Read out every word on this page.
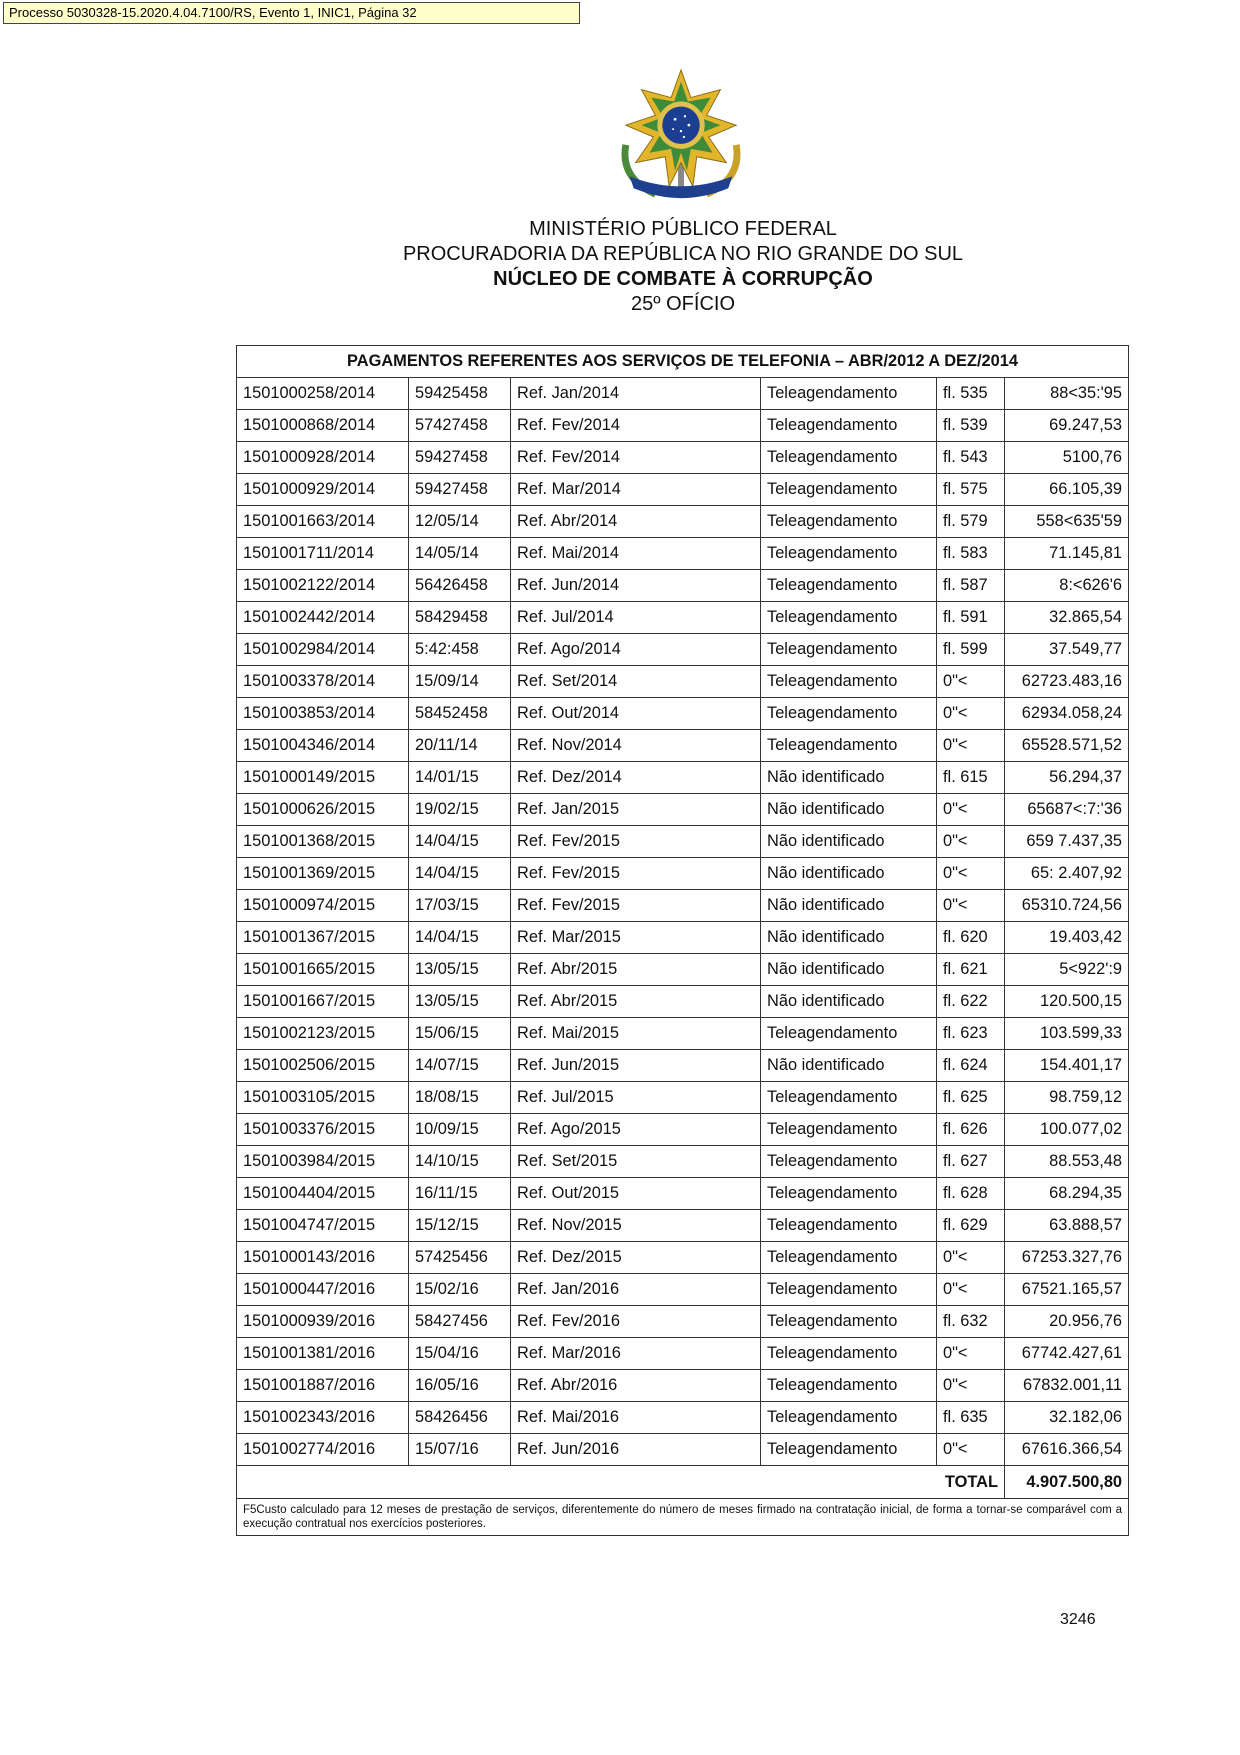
Processo 5030328-15.2020.4.04.7100/RS, Evento 1, INIC1, Página 32
MINISTÉRIO PÚBLICO FEDERAL
PROCURADORIA DA REPÚBLICA NO RIO GRANDE DO SUL
NÚCLEO DE COMBATE À CORRUPÇÃO
25º OFÍCIO
PAGAMENTOS REFERENTES AOS SERVIÇOS DE TELEFONIA – ABR/2012 A DEZ/2014					
1501000258/2014	59425458	Ref. Jan/2014	Teleagendamento	fl. 535	88<35:'95
1501000868/2014	57427458	Ref. Fev/2014	Teleagendamento	fl. 539	69.247,53
1501000928/2014	59427458	Ref. Fev/2014	Teleagendamento	fl. 543	5100,76
1501000929/2014	59427458	Ref. Mar/2014	Teleagendamento	fl. 575	66.105,39
1501001663/2014	12/05/14	Ref. Abr/2014	Teleagendamento	fl. 579	558<635'59
1501001711/2014	14/05/14	Ref. Mai/2014	Teleagendamento	fl. 583	71.145,81
1501002122/2014	56426458	Ref. Jun/2014	Teleagendamento	fl. 587	8:<626'6
1501002442/2014	58429458	Ref. Jul/2014	Teleagendamento	fl. 591	32.865,54
1501002984/2014	5:42:458	Ref. Ago/2014	Teleagendamento	fl. 599	37.549,77
1501003378/2014	15/09/14	Ref. Set/2014	Teleagendamento	0"<	62723.483,16
1501003853/2014	58452458	Ref. Out/2014	Teleagendamento	0"<	62934.058,24
1501004346/2014	20/11/14	Ref. Nov/2014	Teleagendamento	0"<	65528.571,52
1501000149/2015	14/01/15	Ref. Dez/2014	Não identificado	fl. 615	56.294,37
1501000626/2015	19/02/15	Ref. Jan/2015	Não identificado	0"<	65687<:7:'36
1501001368/2015	14/04/15	Ref. Fev/2015	Não identificado	0"<	659 7.437,35
1501001369/2015	14/04/15	Ref. Fev/2015	Não identificado	0"<	65: 2.407,92
1501000974/2015	17/03/15	Ref. Fev/2015	Não identificado	0"<	65310.724,56
1501001367/2015	14/04/15	Ref. Mar/2015	Não identificado	fl. 620	19.403,42
1501001665/2015	13/05/15	Ref. Abr/2015	Não identificado	fl. 621	5<922':9
1501001667/2015	13/05/15	Ref. Abr/2015	Não identificado	fl. 622	120.500,15
1501002123/2015	15/06/15	Ref. Mai/2015	Teleagendamento	fl. 623	103.599,33
1501002506/2015	14/07/15	Ref. Jun/2015	Não identificado	fl. 624	154.401,17
1501003105/2015	18/08/15	Ref. Jul/2015	Teleagendamento	fl. 625	98.759,12
1501003376/2015	10/09/15	Ref. Ago/2015	Teleagendamento	fl. 626	100.077,02
1501003984/2015	14/10/15	Ref. Set/2015	Teleagendamento	fl. 627	88.553,48
1501004404/2015	16/11/15	Ref. Out/2015	Teleagendamento	fl. 628	68.294,35
1501004747/2015	15/12/15	Ref. Nov/2015	Teleagendamento	fl. 629	63.888,57
1501000143/2016	57425456	Ref. Dez/2015	Teleagendamento	0"<	67253.327,76
1501000447/2016	15/02/16	Ref. Jan/2016	Teleagendamento	0"<	67521.165,57
1501000939/2016	58427456	Ref. Fev/2016	Teleagendamento	fl. 632	20.956,76
1501001381/2016	15/04/16	Ref. Mar/2016	Teleagendamento	0"<	67742.427,61
1501001887/2016	16/05/16	Ref. Abr/2016	Teleagendamento	0"<	67832.001,11
1501002343/2016	58426456	Ref. Mai/2016	Teleagendamento	fl. 635	32.182,06
1501002774/2016	15/07/16	Ref. Jun/2016	Teleagendamento	0"<	67616.366,54
				TOTAL	4.907.500,80
F5Custo calculado para 12 meses de prestação de serviços, diferentemente do número de meses firmado na contratação inicial, de forma a tornar-se comparável com a execução contratual nos exercícios posteriores.					
3246
